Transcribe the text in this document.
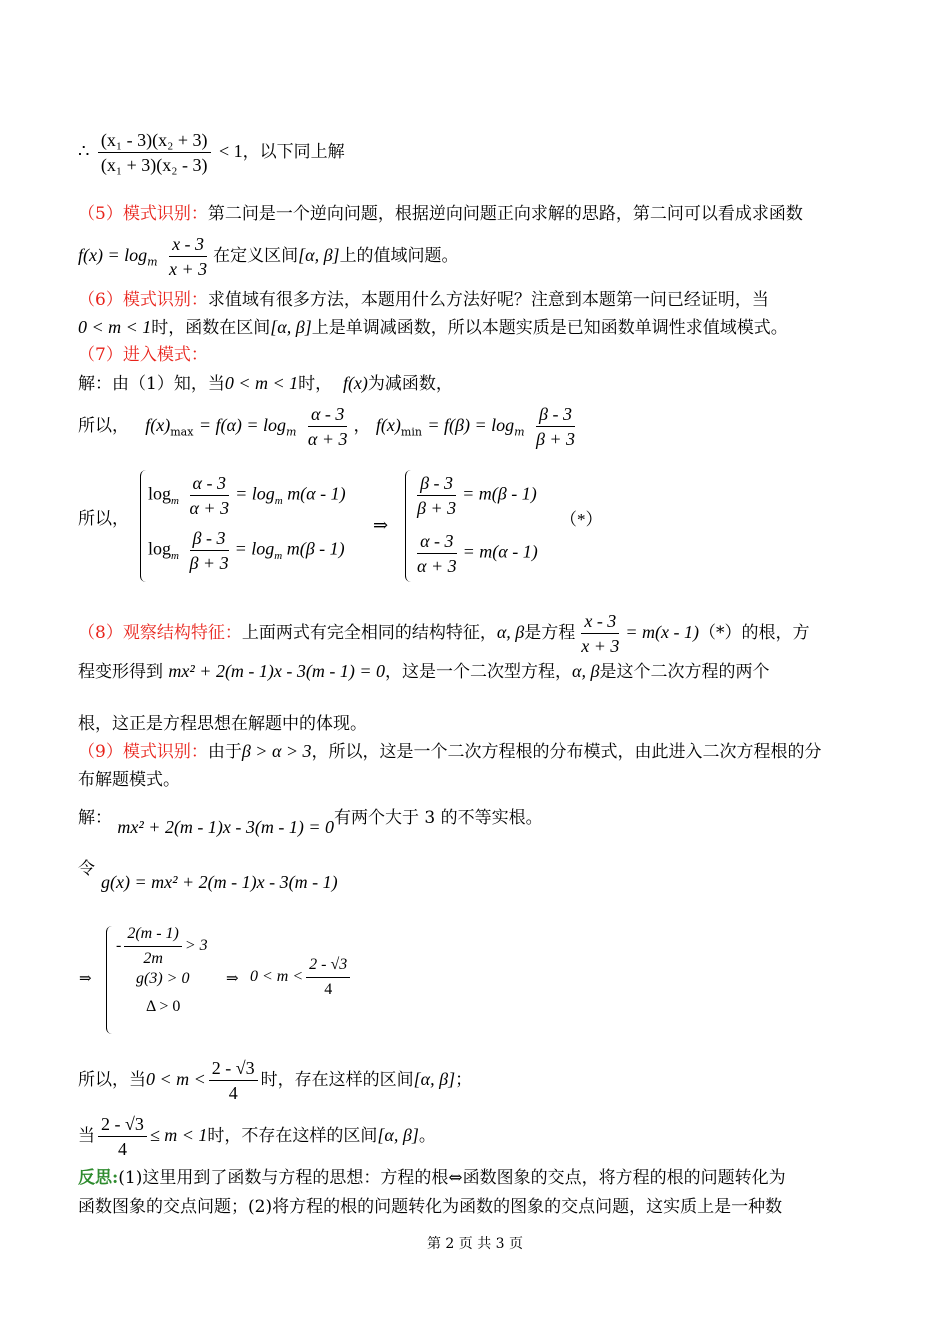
∴ $\frac{\text{(x₁ - 3)(x₂ + 3)}}{\text{(x₁ + 3)(x₂ - 3)}} < 1$，以下同上解
（5）模式识别：第二问是一个逆向问题，根据逆向问题正向求解的思路，第二问可以看成求函数
$f(x) = \log_m \frac{x - 3}{x + 3}$ 在定义区间[α, β]上的值域问题。
（6）模式识别：求值域有很多方法，本题用什么方法好呢？注意到本题第一问已经证明，当
0 < m < 1时，函数在区间[α, β]上是单调减函数，所以本题实质是已知函数单调性求值域模式。
（7）进入模式：
解：由（1）知，当0 < m < 1时， f(x)为减函数，
所以， $f(x)_{max} = f(\alpha) = \log_m \frac{\alpha - 3}{\alpha + 3}$ ， $f(x)_{min} = f(\beta) = \log_m \frac{\beta - 3}{\beta + 3}$
所以，
$\log_m \frac{\alpha - 3}{\alpha + 3} = \log_m m(\alpha - 1)$
$\log_m \frac{\beta - 3}{\beta + 3} = \log_m m(\beta - 1)$
⇒
$\frac{\beta - 3}{\beta + 3} = m(\beta - 1)$
$\frac{\alpha - 3}{\alpha + 3} = m(\alpha - 1)$
（*）
（8）观察结构特征：上面两式有完全相同的结构特征，α, β是方程 $\frac{x - 3}{x + 3} = m(x - 1)(*)$的根，方
程变形得到 mx² + 2(m - 1)x - 3(m - 1) = 0，这是一个二次型方程，α, β是这个二次方程的两个
根，这正是方程思想在解题中的体现。
（9）模式识别：由于β > α > 3，所以，这是一个二次方程根的分布模式，由此进入二次方程根的分
布解题模式。
解： mx² + 2(m - 1)x - 3(m - 1) = 0有两个大于 3 的不等实根。
令
g(x) = mx² + 2(m - 1)x - 3(m - 1)
⇒
- $\frac{2(m - 1)}{2m} > 3$
g(3) > 0
Δ > 0
⇒ $0 < m < \frac{2 - √3}{4}$
所以，当$0 < m < \frac{2 - √3}{4}$ 时，存在这样的区间[α, β]；
当 $\frac{2 - √3}{4} \le m < 1$时，不存在这样的区间[α, β]。
反思:(1)这里用到了函数与方程的思想：方程的根⇔函数图象的交点，将方程的根的问题转化为
函数图象的交点问题；(2)将方程的根的问题转化为函数的图象的交点问题，这实质上是一种数
第 2 页 共 3 页
